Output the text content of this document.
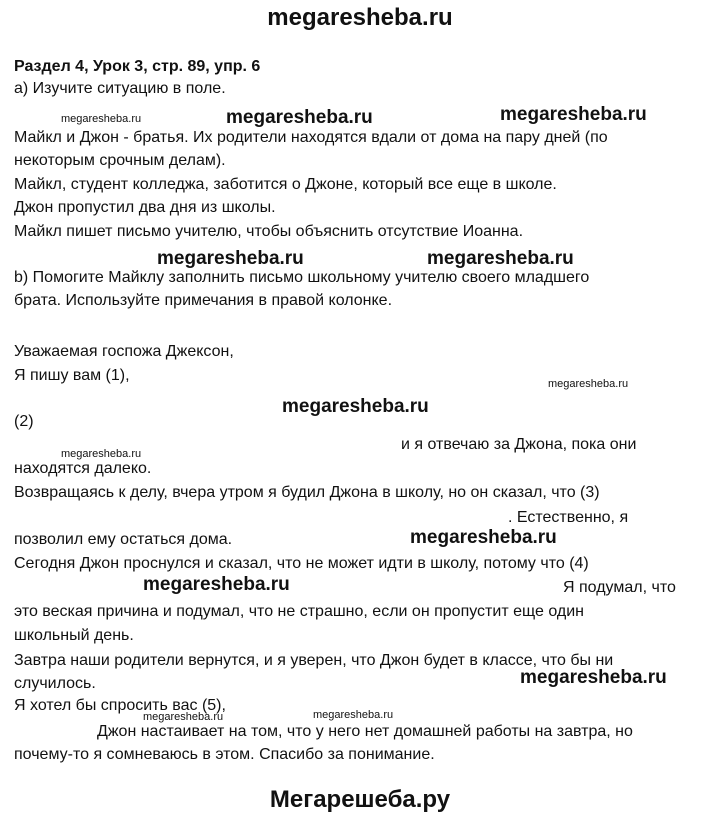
megaresheba.ru
Раздел 4, Урок 3, стр. 89, упр. 6
a) Изучите ситуацию в поле.
megaresheba.ru	megaresheba.ru	megaresheba.ru
Майкл и Джон - братья. Их родители находятся вдали от дома на пару дней (по
некоторым срочным делам).
Майкл, студент колледжа, заботится о Джоне, который все еще в школе.
Джон пропустил два дня из школы.
Майкл пишет письмо учителю, чтобы объяснить отсутствие Иоанна.
megaresheba.ru	megaresheba.ru
b) Помогите Майклу заполнить письмо школьному учителю своего младшего
брата. Используйте примечания в правой колонке.
Уважаемая госпожа Джексон,
Я пишу вам (1),	megaresheba.ru
megaresheba.ru
(2)
megaresheba.ru
и я отвечаю за Джона, пока они
находятся далеко.
Возвращаясь к делу, вчера утром я будил Джона в школу, но он сказал, что (3)
. Естественно, я
megaresheba.ru
позволил ему остаться дома.
Сегодня Джон проснулся и сказал, что не может идти в школу, потому что (4)
megaresheba.ru	Я подумал, что
это веская причина и подумал, что не страшно, если он пропустит еще один
школьный день.
Завтра наши родители вернутся, и я уверен, что Джон будет в классе, что бы ни
случилось.	megaresheba.ru
Я хотел бы спросить вас (5),
megaresheba.ru	megaresheba.ru
Джон настаивает на том, что у него нет домашней работы на завтра, но
почему-то я сомневаюсь в этом. Спасибо за понимание.
Мегарешеба.ру
